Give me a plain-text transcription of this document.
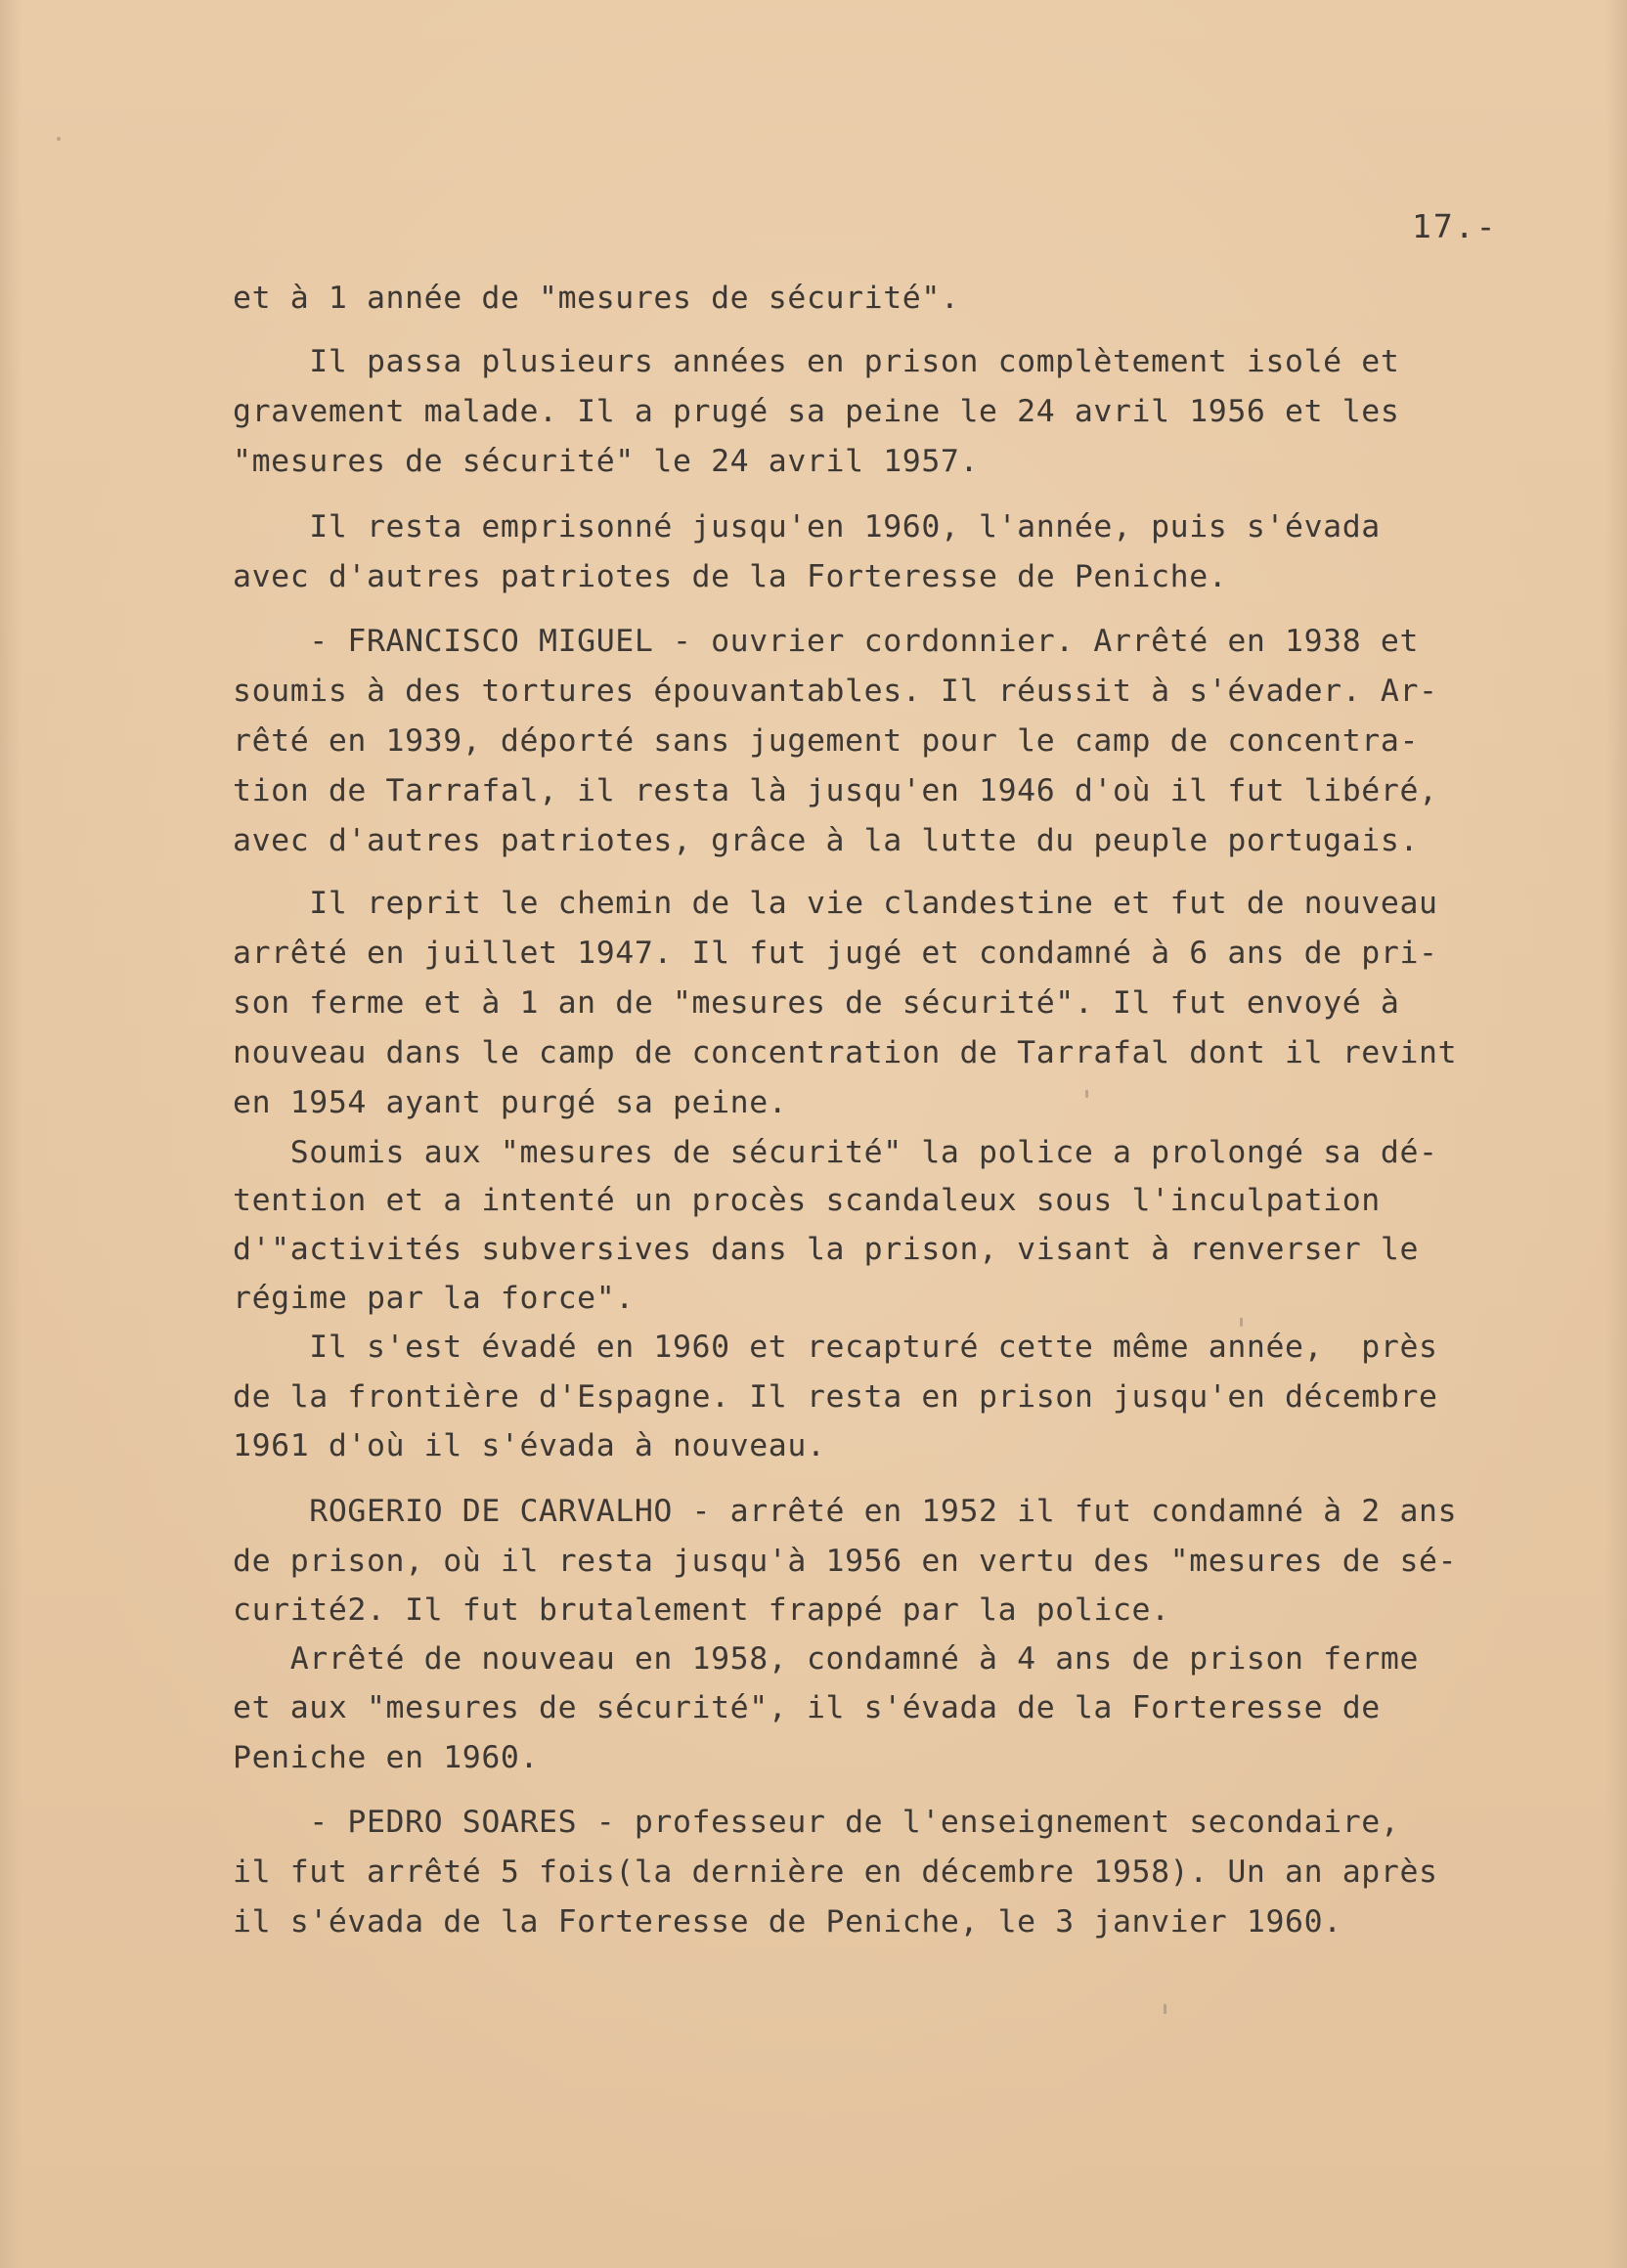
17.-
et à 1 année de "mesures de sécurité".
Il passa plusieurs années en prison complètement isolé et
gravement malade. Il a prugé sa peine le 24 avril 1956 et les
"mesures de sécurité" le 24 avril 1957.
Il resta emprisonné jusqu'en 1960, l'année, puis s'évada
avec d'autres patriotes de la Forteresse de Peniche.
- FRANCISCO MIGUEL - ouvrier cordonnier. Arrêté en 1938 et
soumis à des tortures épouvantables. Il réussit à s'évader. Ar-
rêté en 1939, déporté sans jugement pour le camp de concentra-
tion de Tarrafal, il resta là jusqu'en 1946 d'où il fut libéré,
avec d'autres patriotes, grâce à la lutte du peuple portugais.
Il reprit le chemin de la vie clandestine et fut de nouveau
arrêté en juillet 1947. Il fut jugé et condamné à 6 ans de pri-
son ferme et à 1 an de "mesures de sécurité". Il fut envoyé à
nouveau dans le camp de concentration de Tarrafal dont il revint
en 1954 ayant purgé sa peine.
Soumis aux "mesures de sécurité" la police a prolongé sa dé-
tention et a intenté un procès scandaleux sous l'inculpation
d'"activités subversives dans la prison, visant à renverser le
régime par la force".
Il s'est évadé en 1960 et recapturé cette même année,  près
de la frontière d'Espagne. Il resta en prison jusqu'en décembre
1961 d'où il s'évada à nouveau.
ROGERIO DE CARVALHO - arrêté en 1952 il fut condamné à 2 ans
de prison, où il resta jusqu'à 1956 en vertu des "mesures de sé-
curité2. Il fut brutalement frappé par la police.
Arrêté de nouveau en 1958, condamné à 4 ans de prison ferme
et aux "mesures de sécurité", il s'évada de la Forteresse de
Peniche en 1960.
- PEDRO SOARES - professeur de l'enseignement secondaire,
il fut arrêté 5 fois(la dernière en décembre 1958). Un an après
il s'évada de la Forteresse de Peniche, le 3 janvier 1960.
